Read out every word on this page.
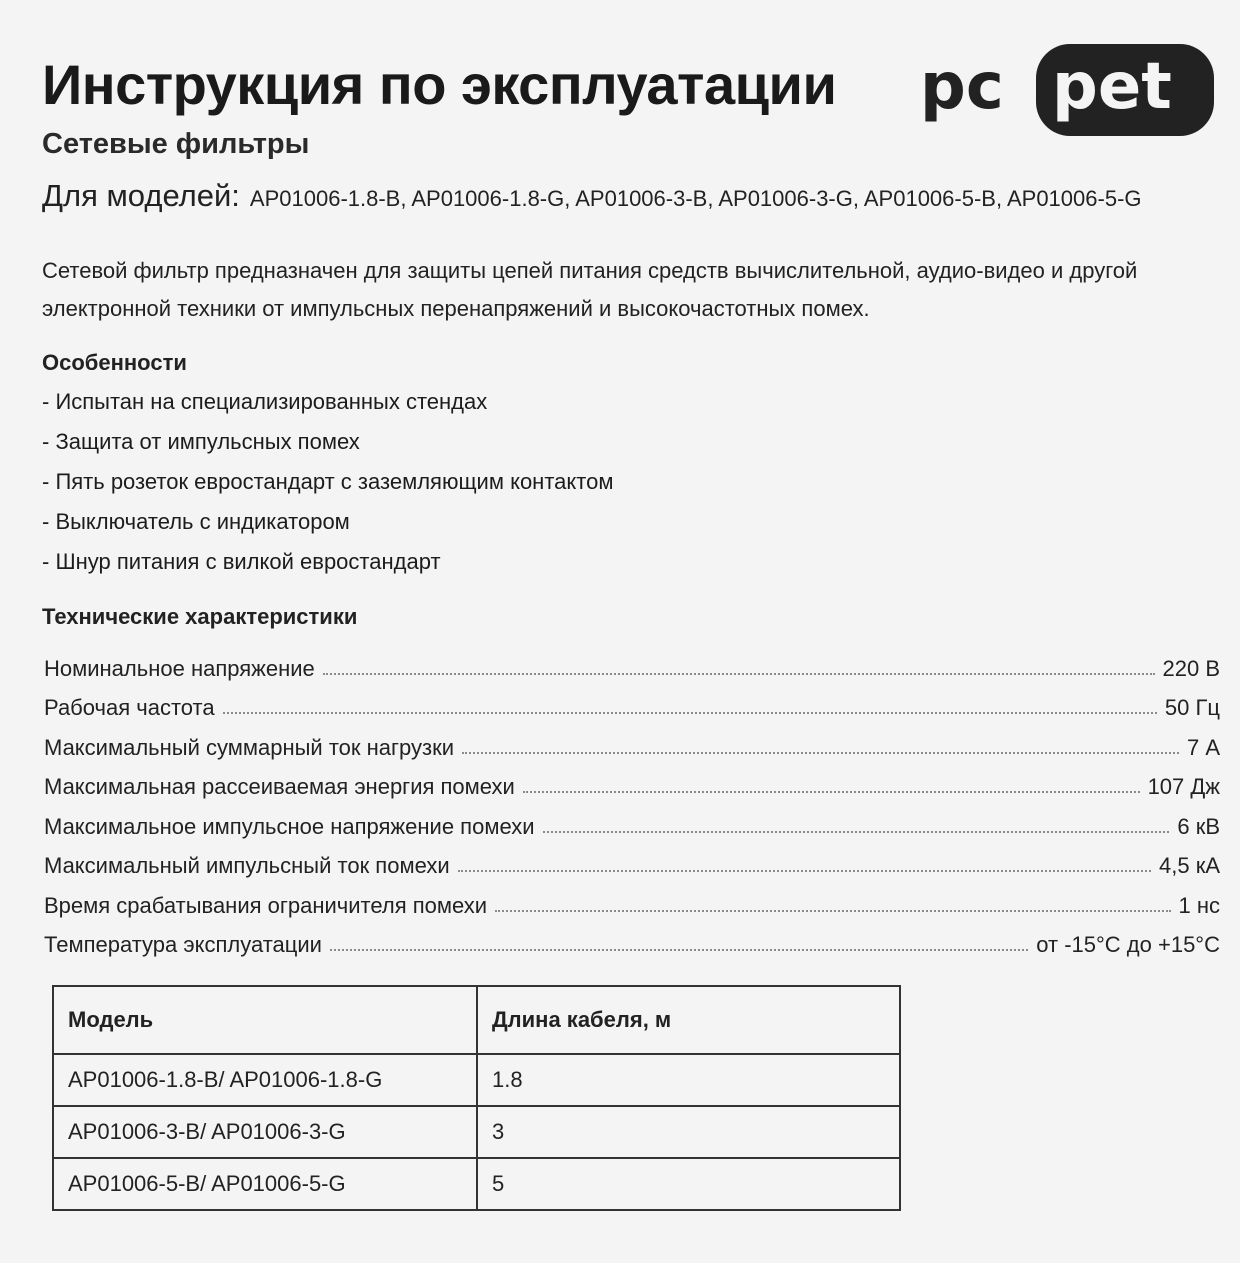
Инструкция по эксплуатации
Сетевые фильтры
Для моделей: AP01006-1.8-B, AP01006-1.8-G, AP01006-3-B, AP01006-3-G, AP01006-5-B, AP01006-5-G
pc pet
Сетевой фильтр предназначен для защиты цепей питания средств вычислительной, аудио-видео и другой электронной техники от импульсных перенапряжений и высокочастотных помех.
Особенности
- Испытан на специализированных стендах
- Защита от импульсных помех
- Пять розеток евростандарт с заземляющим контактом
- Выключатель с индикатором
- Шнур питания с вилкой евростандарт
Технические характеристики
Номинальное напряжение	220 В
Рабочая частота	50 Гц
Максимальный суммарный ток нагрузки	7 А
Максимальная рассеиваемая энергия помехи	107 Дж
Максимальное импульсное напряжение помехи	6 кВ
Максимальный импульсный ток помехи	4,5 кА
Время срабатывания ограничителя помехи	1 нс
Температура эксплуатации	от -15°С до +15°С
Модель	Длина кабеля, м
AP01006-1.8-B/ AP01006-1.8-G	1.8
AP01006-3-B/ AP01006-3-G	3
AP01006-5-B/ AP01006-5-G	5
